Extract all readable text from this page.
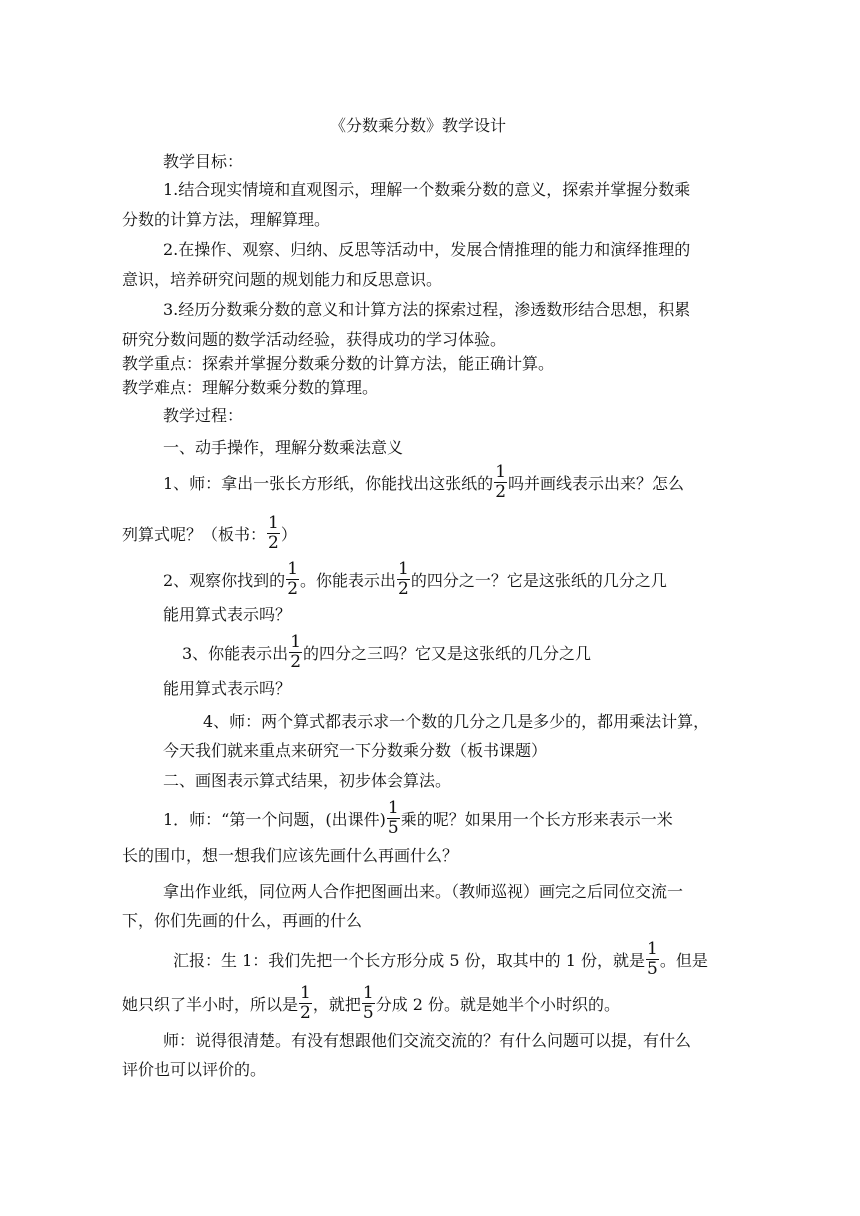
《分数乘分数》教学设计
教学目标：
1.结合现实情境和直观图示，理解一个数乘分数的意义，探索并掌握分数乘
分数的计算方法，理解算理。
2.在操作、观察、归纳、反思等活动中，发展合情推理的能力和演绎推理的
意识，培养研究问题的规划能力和反思意识。
3.经历分数乘分数的意义和计算方法的探索过程，渗透数形结合思想，积累
研究分数问题的数学活动经验，获得成功的学习体验。
教学重点：探索并掌握分数乘分数的计算方法，能正确计算。
教学难点：理解分数乘分数的算理。
教学过程：
一、动手操作，理解分数乘法意义
1、师：拿出一张长方形纸，你能找出这张纸的 $\frac{1}{2}$ 吗并画线表示出来？怎么
列算式呢？（板书： $\frac{1}{2}$ ）
2、观察你找到的 $\frac{1}{2}$ 。你能表示出 $\frac{1}{2}$ 的四分之一？它是这张纸的几分之几
能用算式表示吗？
3、你能表示出 $\frac{1}{2}$ 的四分之三吗？它又是这张纸的几分之几
能用算式表示吗？
4、师：两个算式都表示求一个数的几分之几是多少的，都用乘法计算，
今天我们就来重点来研究一下分数乘分数（板书课题）
二、画图表示算式结果，初步体会算法。
1．师：“第一个问题，(出课件) $\frac{1}{5}$ 乘的呢？如果用一个长方形来表示一米
长的围巾，想一想我们应该先画什么再画什么？
拿出作业纸，同位两人合作把图画出来。（教师巡视）画完之后同位交流一
下，你们先画的什么，再画的什么
汇报：生 1：我们先把一个长方形分成 5 份，取其中的 1 份，就是 $\frac{1}{5}$ 。但是
她只织了半小时，所以是 $\frac{1}{2}$ ，就把 $\frac{1}{5}$ 分成 2 份。就是她半个小时织的。
师：说得很清楚。有没有想跟他们交流交流的？有什么问题可以提，有什么
评价也可以评价的。
